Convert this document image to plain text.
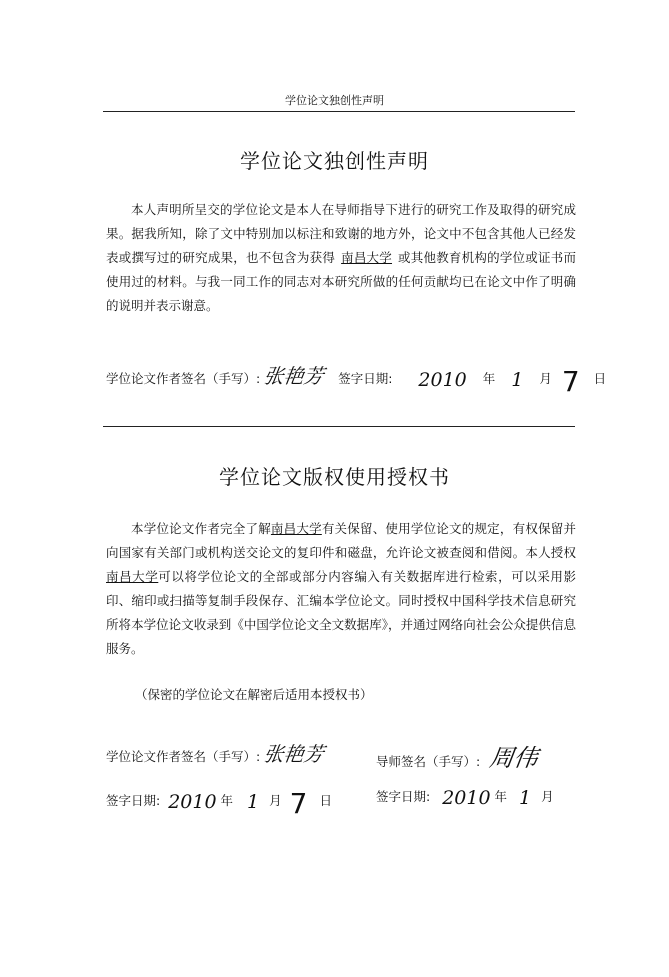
学位论文独创性声明
学位论文独创性声明

本人声明所呈交的学位论文是本人在导师指导下进行的研究工作及取得的研究成果。据我所知，除了文中特别加以标注和致谢的地方外，论文中不包含其他人已经发表或撰写过的研究成果，也不包含为获得 南昌大学 或其他教育机构的学位或证书而使用过的材料。与我一同工作的同志对本研究所做的任何贡献均已在论文中作了明确的说明并表示谢意。

学位论文作者签名（手写）: 张艳芳 签字日期: 2010 年 1 月 7 日
学位论文版权使用授权书

本学位论文作者完全了解南昌大学有关保留、使用学位论文的规定，有权保留并向国家有关部门或机构送交论文的复印件和磁盘，允许论文被查阅和借阅。本人授权南昌大学可以将学位论文的全部或部分内容编入有关数据库进行检索，可以采用影印、缩印或扫描等复制手段保存、汇编本学位论文。同时授权中国科学技术信息研究所将本学位论文收录到《中国学位论文全文数据库》，并通过网络向社会公众提供信息服务。

（保密的学位论文在解密后适用本授权书）
学位论文作者签名（手写）: 张艳芳	导师签名（手写）: 周伟
签字日期: 2010 年 1 月 7 日	签字日期: 2010 年 1 月
